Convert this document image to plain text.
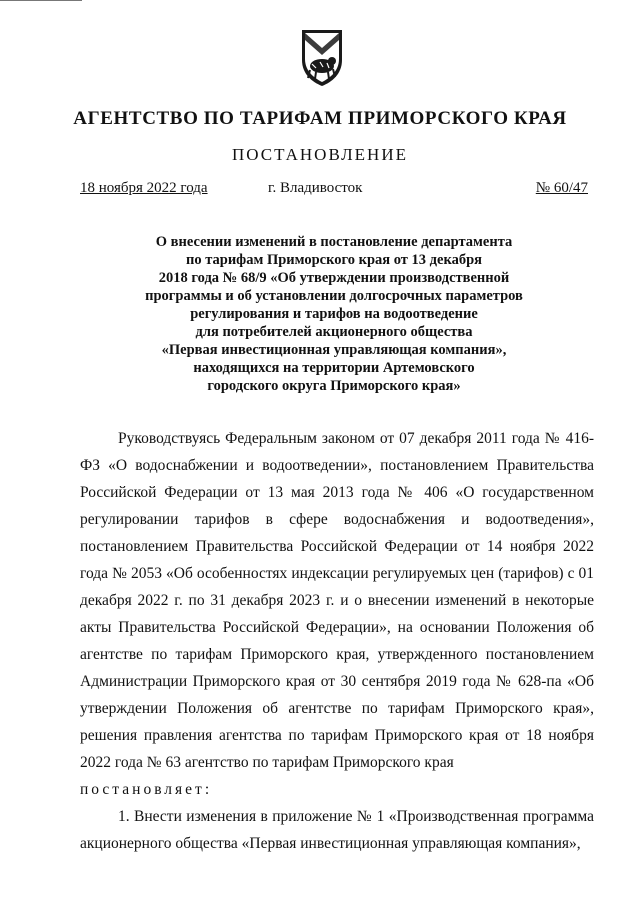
АГЕНТСТВО ПО ТАРИФАМ ПРИМОРСКОГО КРАЯ
ПОСТАНОВЛЕНИЕ
18 ноября 2022 года	г. Владивосток	№ 60/47
О внесении изменений в постановление департамента
по тарифам Приморского края от 13 декабря
2018 года № 68/9 «Об утверждении производственной
программы и об установлении долгосрочных параметров
регулирования и тарифов на водоотведение
для потребителей акционерного общества
«Первая инвестиционная управляющая компания»,
находящихся на территории Артемовского
городского округа Приморского края»

Руководствуясь Федеральным законом от 07 декабря 2011 года № 416-ФЗ «О водоснабжении и водоотведении», постановлением Правительства Российской Федерации от 13 мая 2013 года № 406 «О государственном регулировании тарифов в сфере водоснабжения и водоотведения», постановлением Правительства Российской Федерации от 14 ноября 2022 года № 2053 «Об особенностях индексации регулируемых цен (тарифов) с 01 декабря 2022 г. по 31 декабря 2023 г. и о внесении изменений в некоторые акты Правительства Российской Федерации», на основании Положения об агентстве по тарифам Приморского края, утвержденного постановлением Администрации Приморского края от 30 сентября 2019 года № 628-па «Об утверждении Положения об агентстве по тарифам Приморского края», решения правления агентства по тарифам Приморского края от 18 ноября 2022 года № 63 агентство по тарифам Приморского края

постановляет:

1. Внести изменения в приложение № 1 «Производственная программа акционерного общества «Первая инвестиционная управляющая компания»,
